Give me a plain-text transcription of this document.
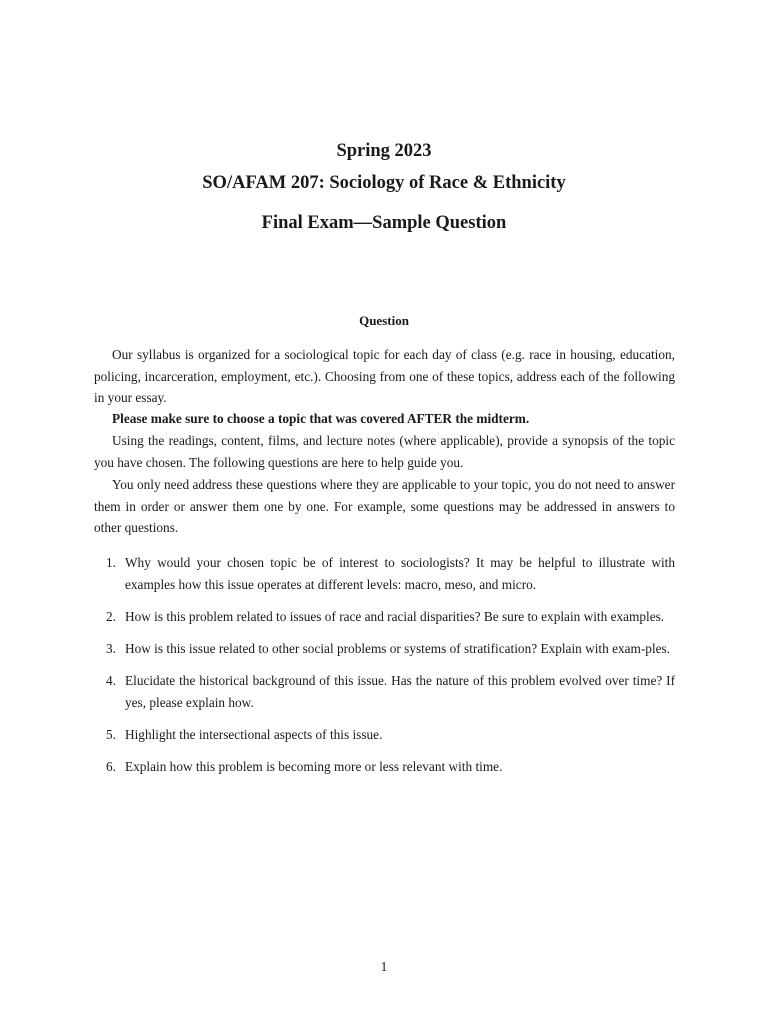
Spring 2023
SO/AFAM 207: Sociology of Race & Ethnicity
Final Exam—Sample Question
Question

Our syllabus is organized for a sociological topic for each day of class (e.g. race in housing, education, policing, incarceration, employment, etc.). Choosing from one of these topics, address each of the following in your essay.

Please make sure to choose a topic that was covered AFTER the midterm.

Using the readings, content, films, and lecture notes (where applicable), provide a synopsis of the topic you have chosen. The following questions are here to help guide you.

You only need address these questions where they are applicable to your topic, you do not need to answer them in order or answer them one by one. For example, some questions may be addressed in answers to other questions.

1. Why would your chosen topic be of interest to sociologists? It may be helpful to illustrate with examples how this issue operates at different levels: macro, meso, and micro.
2. How is this problem related to issues of race and racial disparities? Be sure to explain with examples.
3. How is this issue related to other social problems or systems of stratification? Explain with exam-ples.
4. Elucidate the historical background of this issue. Has the nature of this problem evolved over time? If yes, please explain how.
5. Highlight the intersectional aspects of this issue.
6. Explain how this problem is becoming more or less relevant with time.
1
